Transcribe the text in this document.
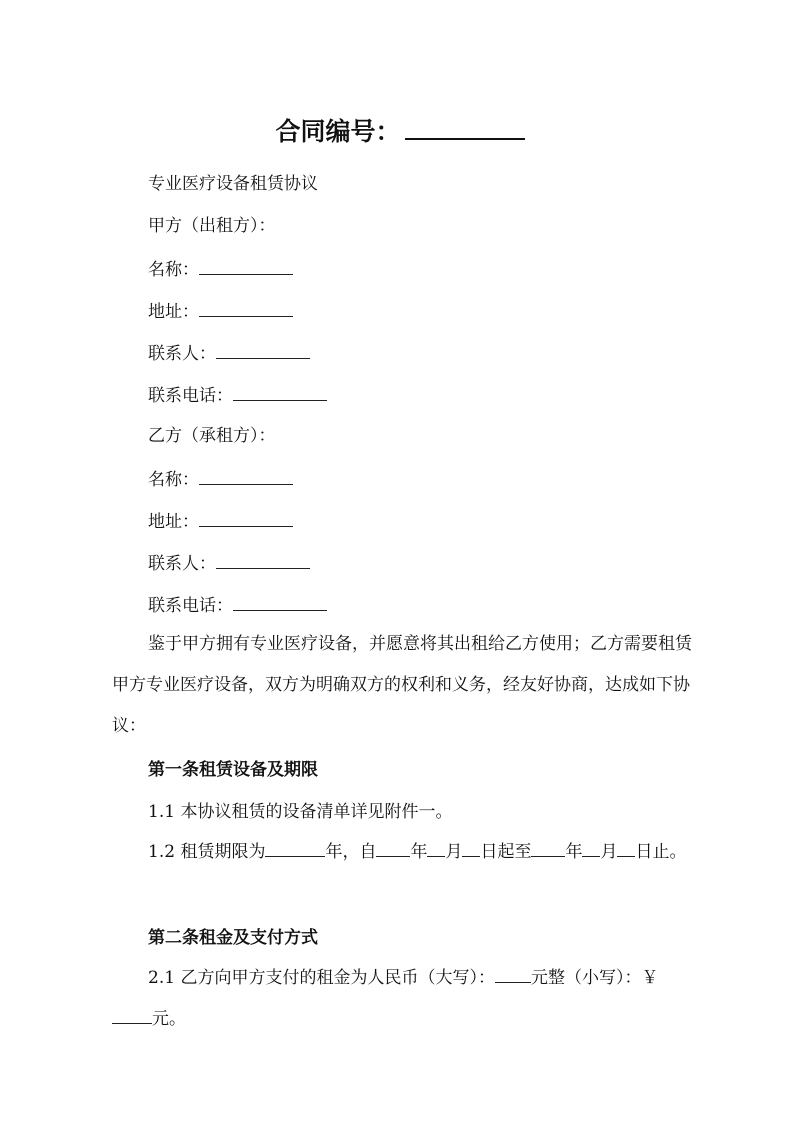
合同编号：
专业医疗设备租赁协议
甲方（出租方）：
名称：
地址：
联系人：
联系电话：
乙方（承租方）：
名称：
地址：
联系人：
联系电话：

鉴于甲方拥有专业医疗设备，并愿意将其出租给乙方使用；乙方需要租赁甲方专业医疗设备，双方为明确双方的权利和义务，经友好协商，达成如下协议：

第一条租赁设备及期限
1.1 本协议租赁的设备清单详见附件一。

1.2 租赁期限为	年，自 年 月 日起至 年 月 日止。

第二条租金及支付方式

2.1 乙方向甲方支付的租金为人民币（大写）： 元整（小写）：￥元。
